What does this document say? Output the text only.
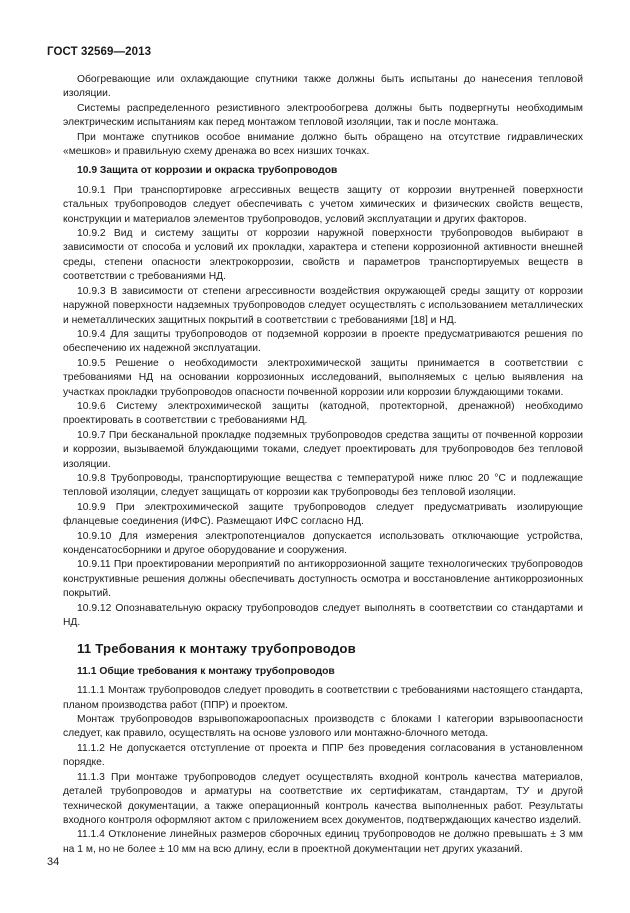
ГОСТ 32569—2013

Обогревающие или охлаждающие спутники также должны быть испытаны до нанесения тепловой изоляции.

Системы распределенного резистивного электрообогрева должны быть подвергнуты необходимым электрическим испытаниям как перед монтажом тепловой изоляции, так и после монтажа.

При монтаже спутников особое внимание должно быть обращено на отсутствие гидравлических «мешков» и правильную схему дренажа во всех низших точках.

10.9 Защита от коррозии и окраска трубопроводов

10.9.1 При транспортировке агрессивных веществ защиту от коррозии внутренней поверхности стальных трубопроводов следует обеспечивать с учетом химических и физических свойств веществ, конструкции и материалов элементов трубопроводов, условий эксплуатации и других факторов.

10.9.2 Вид и систему защиты от коррозии наружной поверхности трубопроводов выбирают в зависимости от способа и условий их прокладки, характера и степени коррозионной активности внешней среды, степени опасности электрокоррозии, свойств и параметров транспортируемых веществ в соответствии с требованиями НД.

10.9.3 В зависимости от степени агрессивности воздействия окружающей среды защиту от коррозии наружной поверхности надземных трубопроводов следует осуществлять с использованием металлических и неметаллических защитных покрытий в соответствии с требованиями [18] и НД.

10.9.4 Для защиты трубопроводов от подземной коррозии в проекте предусматриваются решения по обеспечению их надежной эксплуатации.

10.9.5 Решение о необходимости электрохимической защиты принимается в соответствии с требованиями НД на основании коррозионных исследований, выполняемых с целью выявления на участках прокладки трубопроводов опасности почвенной коррозии или коррозии блуждающими токами.

10.9.6 Систему электрохимической защиты (катодной, протекторной, дренажной) необходимо проектировать в соответствии с требованиями НД.

10.9.7 При бесканальной прокладке подземных трубопроводов средства защиты от почвенной коррозии и коррозии, вызываемой блуждающими токами, следует проектировать для трубопроводов без тепловой изоляции.

10.9.8 Трубопроводы, транспортирующие вещества с температурой ниже плюс 20 °С и подлежащие тепловой изоляции, следует защищать от коррозии как трубопроводы без тепловой изоляции.

10.9.9 При электрохимической защите трубопроводов следует предусматривать изолирующие фланцевые соединения (ИФС). Размещают ИФС согласно НД.

10.9.10 Для измерения электропотенциалов допускается использовать отключающие устройства, конденсатосборники и другое оборудование и сооружения.

10.9.11 При проектировании мероприятий по антикоррозионной защите технологических трубопроводов конструктивные решения должны обеспечивать доступность осмотра и восстановление антикоррозионных покрытий.

10.9.12 Опознавательную окраску трубопроводов следует выполнять в соответствии со стандартами и НД.

11 Требования к монтажу трубопроводов

11.1 Общие требования к монтажу трубопроводов

11.1.1 Монтаж трубопроводов следует проводить в соответствии с требованиями настоящего стандарта, планом производства работ (ППР) и проектом.

Монтаж трубопроводов взрывопожароопасных производств с блоками I категории взрывоопасности следует, как правило, осуществлять на основе узлового или монтажно-блочного метода.

11.1.2 Не допускается отступление от проекта и ППР без проведения согласования в установленном порядке.

11.1.3 При монтаже трубопроводов следует осуществлять входной контроль качества материалов, деталей трубопроводов и арматуры на соответствие их сертификатам, стандартам, ТУ и другой технической документации, а также операционный контроль качества выполненных работ. Результаты входного контроля оформляют актом с приложением всех документов, подтверждающих качество изделий.

11.1.4 Отклонение линейных размеров сборочных единиц трубопроводов не должно превышать ± 3 мм на 1 м, но не более ± 10 мм на всю длину, если в проектной документации нет других указаний.

34
